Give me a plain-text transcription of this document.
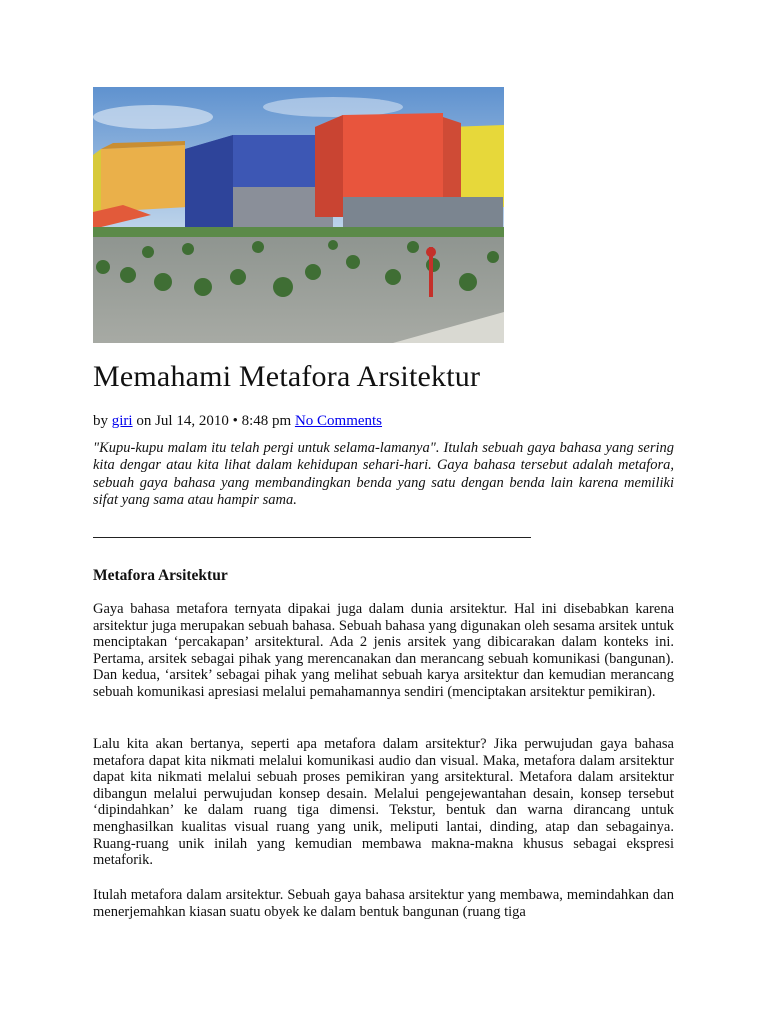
Memahami Metafora Arsitektur
by giri on Jul 14, 2010 • 8:48 pm No Comments

"Kupu-kupu malam itu telah pergi untuk selama-lamanya". Itulah sebuah gaya bahasa yang sering kita dengar atau kita lihat dalam kehidupan sehari-hari. Gaya bahasa tersebut adalah metafora, sebuah gaya bahasa yang membandingkan benda yang satu dengan benda lain karena memiliki sifat yang sama atau hampir sama.

Metafora Arsitektur

Gaya bahasa metafora ternyata dipakai juga dalam dunia arsitektur. Hal ini disebabkan karena arsitektur juga merupakan sebuah bahasa. Sebuah bahasa yang digunakan oleh sesama arsitek untuk menciptakan ‘percakapan’ arsitektural. Ada 2 jenis arsitek yang dibicarakan dalam konteks ini. Pertama, arsitek sebagai pihak yang merencanakan dan merancang sebuah komunikasi (bangunan). Dan kedua, ‘arsitek’ sebagai pihak yang melihat sebuah karya arsitektur dan kemudian merancang sebuah komunikasi apresiasi melalui pemahamannya sendiri (menciptakan arsitektur pemikiran).

Lalu kita akan bertanya, seperti apa metafora dalam arsitektur? Jika perwujudan gaya bahasa metafora dapat kita nikmati melalui komunikasi audio dan visual. Maka, metafora dalam arsitektur dapat kita nikmati melalui sebuah proses pemikiran yang arsitektural. Metafora dalam arsitektur dibangun melalui perwujudan konsep desain. Melalui pengejewantahan desain, konsep tersebut ‘dipindahkan’ ke dalam ruang tiga dimensi. Tekstur, bentuk dan warna dirancang untuk menghasilkan kualitas visual ruang yang unik, meliputi lantai, dinding, atap dan sebagainya. Ruang-ruang unik inilah yang kemudian membawa makna-makna khusus sebagai ekspresi metaforik.

Itulah metafora dalam arsitektur. Sebuah gaya bahasa arsitektur yang membawa, memindahkan dan menerjemahkan kiasan suatu obyek ke dalam bentuk bangunan (ruang tiga
